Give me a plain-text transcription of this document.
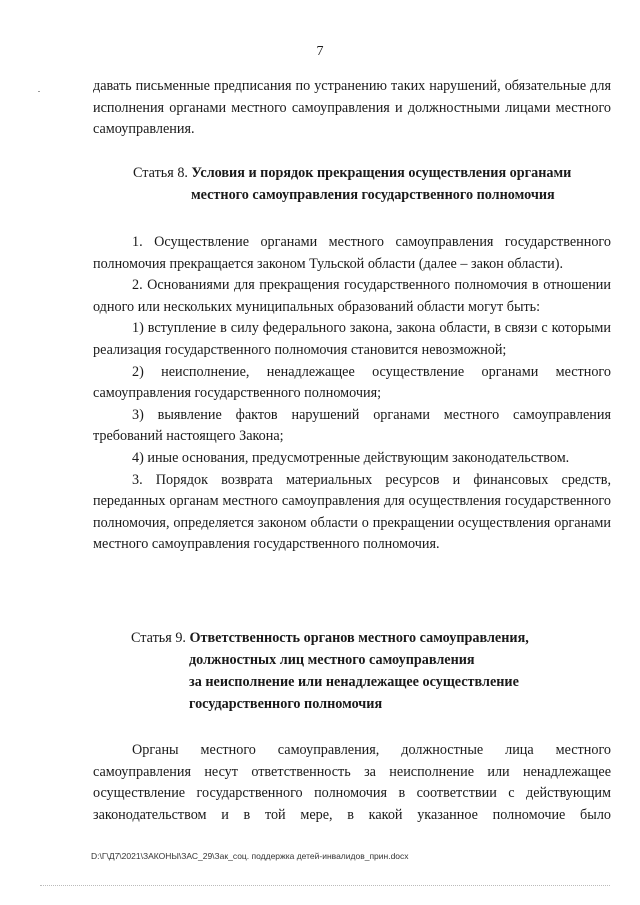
7

давать письменные предписания по устранению таких нарушений, обязательные для исполнения органами местного самоуправления и должностными лицами местного самоуправления.

Статья 8. Условия и порядок прекращения осуществления органами
местного самоуправления государственного полномочия

1. Осуществление органами местного самоуправления государственного полномочия прекращается законом Тульской области (далее – закон области).

2. Основаниями для прекращения государственного полномочия в отношении одного или нескольких муниципальных образований области могут быть:

1) вступление в силу федерального закона, закона области, в связи с которыми реализация государственного полномочия становится невозможной;

2) неисполнение, ненадлежащее осуществление органами местного самоуправления государственного полномочия;

3) выявление фактов нарушений органами местного самоуправления требований настоящего Закона;

4) иные основания, предусмотренные действующим законодательством.

3. Порядок возврата материальных ресурсов и финансовых средств, переданных органам местного самоуправления для осуществления государственного полномочия, определяется законом области о прекращении осуществления органами местного самоуправления государственного полномочия.

Статья 9. Ответственность органов местного самоуправления,
должностных лиц местного самоуправления
за неисполнение или ненадлежащее осуществление
государственного полномочия

Органы местного самоуправления, должностные лица местного самоуправления несут ответственность за неисполнение или ненадлежащее осуществление государственного полномочия в соответствии с действующим законодательством и в той мере, в какой указанное полномочие было

D:\Г\Д7\2021\ЗАКОНЫ\ЗАС_29\Зак_соц. поддержка детей-инвалидов_прин.docx
